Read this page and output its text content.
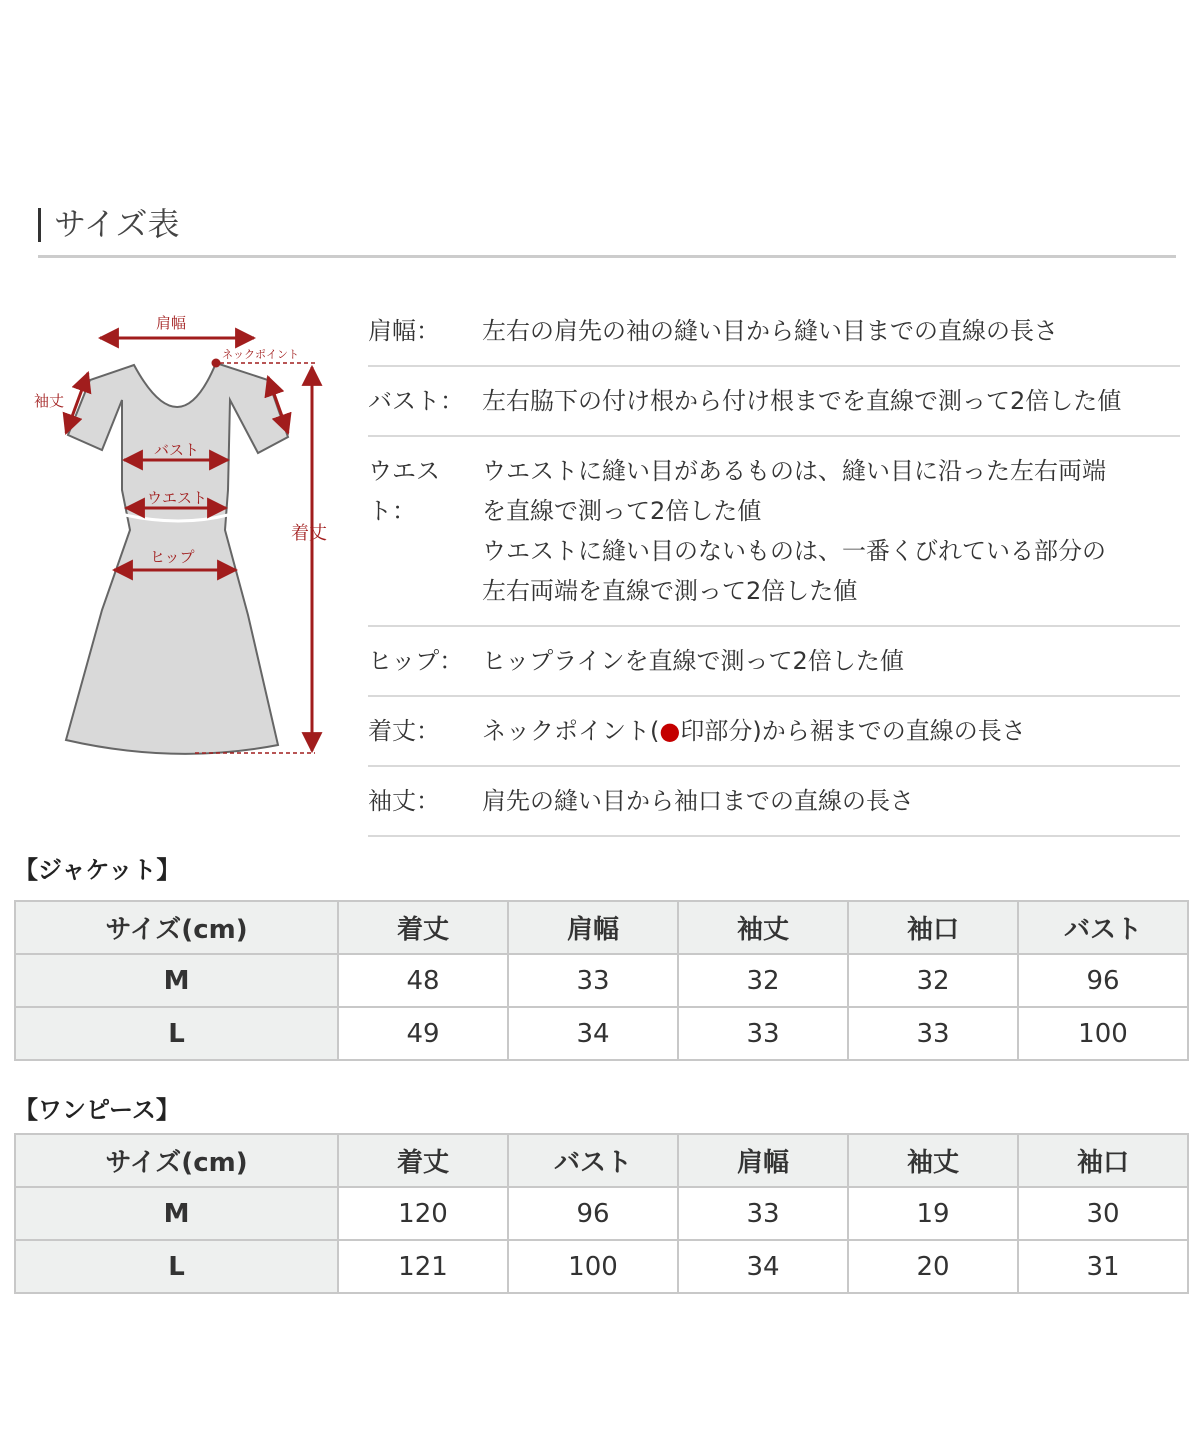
サイズ表
肩幅
ネックポイント
袖丈
バスト
ウエスト
ヒップ
着丈
肩幅：	左右の肩先の袖の縫い目から縫い目までの直線の長さ
バスト： 左右脇下の付け根から付け根までを直線で測って2倍した値
ウエスト：
ウエストに縫い目があるものは、縫い目に沿った左右両端
を直線で測って2倍した値
ウエストに縫い目のないものは、一番くびれている部分の
左右両端を直線で測って2倍した値
ヒップ： ヒップラインを直線で測って2倍した値
着丈：	ネックポイント(●印部分)から裾までの直線の長さ
袖丈：	肩先の縫い目から袖口までの直線の長さ
【ジャケット】
サイズ(cm)	着丈	肩幅	袖丈	袖口	バスト
M	48	33	32	32	96
L	49	34	33	33	100
【ワンピース】
サイズ(cm)	着丈	バスト	肩幅	袖丈	袖口
M	120	96	33	19	30
L	121	100	34	20	31
